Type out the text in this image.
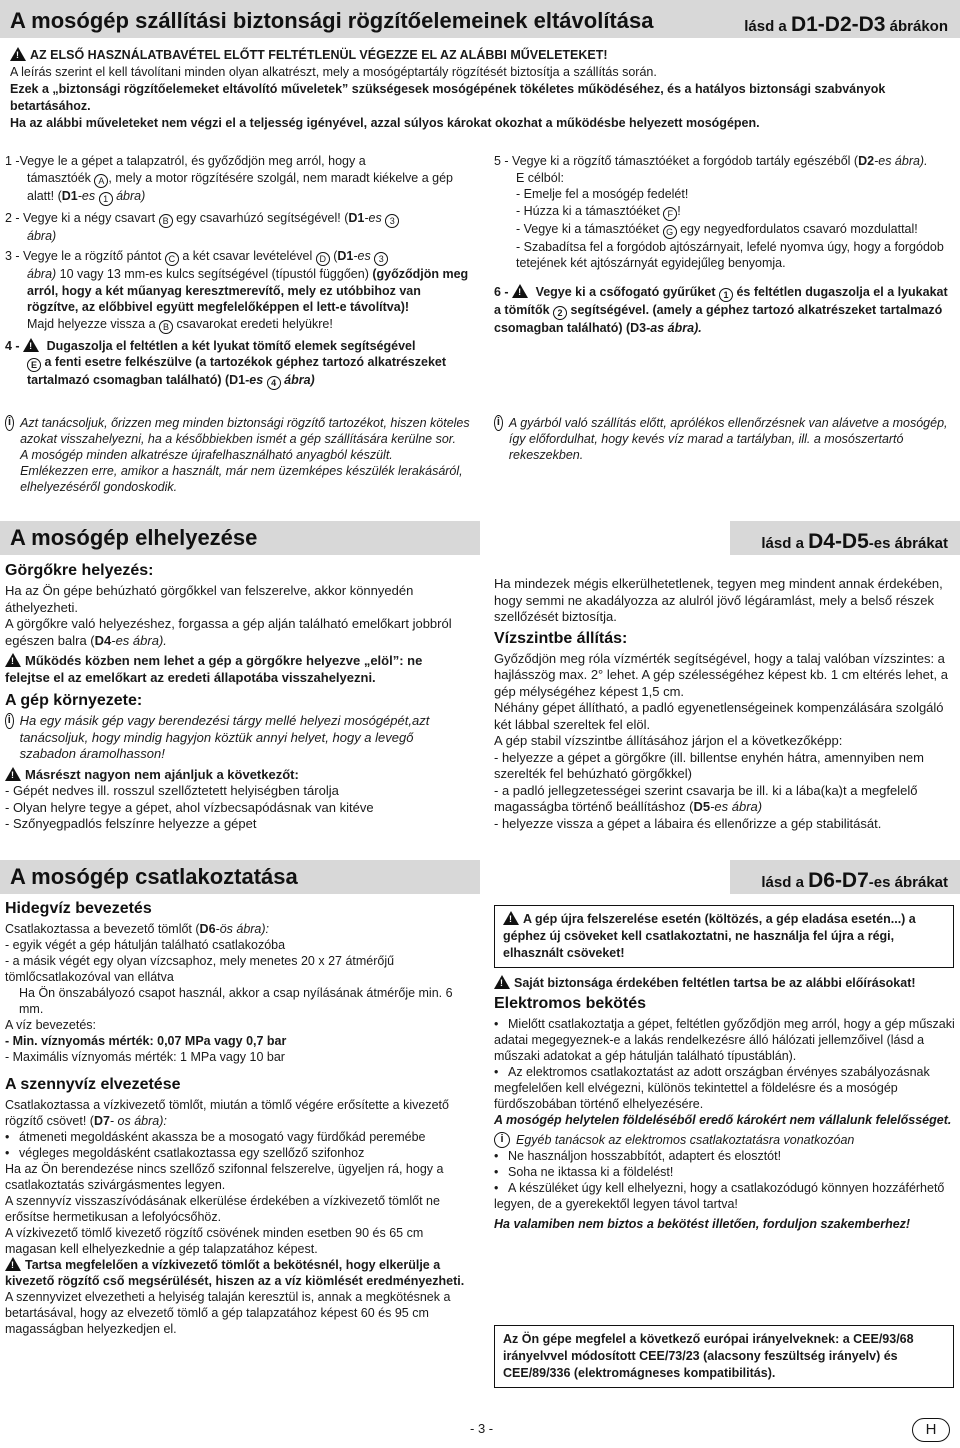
A mosógép szállítási biztonsági rögzítőelemeinek eltávolítása	lásd a D1-D2-D3 ábrákon
!AZ ELSŐ HASZNÁLATBAVÉTEL ELŐTT FELTÉTLENÜL VÉGEZZE EL AZ ALÁBBI MŰVELETEKET!
A leírás szerint el kell távolítani minden olyan alkatrészt, mely a mosógéptartály rögzítését biztosítja a szállítás során.
Ezek a „biztonsági rögzítőelemeket eltávolító műveletek” szükségesek mosógépének tökéletes működéséhez, és a hatályos biztonsági szabványok betartásához.
Ha az alábbi műveleteket nem végzi el a teljesség igényével, azzal súlyos károkat okozhat a működésbe helyezett mosógépen.
1 -Vegye le a gépet a talapzatról, és győződjön meg arról, hogy a
támasztóék A , mely a motor rögzítésére szolgál, nem maradt kiékelve a gép alatt! (D1-es 1 ábra)
2 - Vegye ki a négy csavart B egy csavarhúzó segítségével! (D1-es 3
ábra)
3 - Vegye le a rögzítő pántot C a két csavar levételével D (D1-es 3
ábra) 10 vagy 13 mm-es kulcs segítségével (típustól függően) (győződjön meg arról, hogy a két műanyag keresztmerevítő, mely ez utóbbihoz van rögzítve, az előbbivel együtt megfelelőképpen el lett-e távolítva)!
Majd helyezze vissza a B csavarokat eredeti helyükre!
4 - ! Dugaszolja el feltétlen a két lyukat tömítő elemek segítségével
E a fenti esetre felkészülve (a tartozékok géphez tartozó alkatrészeket tartalmazó csomagban található) (D1-es 4 ábra)
5 - Vegye ki a rögzítő támasztóéket a forgódob tartály egészéből (D2-es ábra).
E célból:
- Emelje fel a mosógép fedelét!
- Húzza ki a támasztóéket F !
- Vegye ki a támasztóéket G egy negyedfordulatos csavaró mozdulattal!
- Szabadítsa fel a forgódob ajtószárnyait, lefelé nyomva úgy, hogy a forgódob tetejének két ajtószárnyát egyidejűleg benyomja.
6 - ! Vegye ki a csőfogató gyűrűket 1 és feltétlen dugaszolja el a lyukakat a tömítők 2 segítségével. (amely a géphez tartozó alkatrészeket tartalmazó csomagban található) (D3-as ábra).
i Azt tanácsoljuk, őrizzen meg minden biztonsági rögzítő tartozékot, hiszen köteles azokat visszahelyezni, ha a későbbiekben ismét a gép szállítására kerülne sor.
A mosógép minden alkatrésze újrafelhasználható anyagból készült.
Emlékezzen erre, amikor a használt, már nem üzemképes készülék lerakásáról, elhelyezéséről gondoskodik.
i A gyárból való szállítás előtt, aprólékos ellenőrzésnek van alávetve a mosógép, így előfordulhat, hogy kevés víz marad a tartályban, ill. a mosószertartó rekeszekben.
A mosógép elhelyezése	lásd a D4-D5-es ábrákat
Görgőkre helyezés:
Ha az Ön gépe behúzható görgőkkel van felszerelve, akkor könnyedén áthelyezheti.
A görgőkre való helyezéshez, forgassa a gép alján található emelőkart jobbról egészen balra (D4-es ábra).
!Működés közben nem lehet a gép a görgőkre helyezve „elöl”: ne felejtse el az emelőkart az eredeti állapotába visszahelyezni.
A gép környezete:
i Ha egy másik gép vagy berendezési tárgy mellé helyezi mosógépét,azt tanácsoljuk, hogy mindig hagyjon köztük annyi helyet, hogy a levegő szabadon áramolhasson!
!Másrészt nagyon nem ajánljuk a következőt:
- Gépét nedves ill. rosszul szellőztetett helyiségben tárolja
- Olyan helyre tegye a gépet, ahol vízbecsapódásnak van kitéve
- Szőnyegpadlós felszínre helyezze a gépet
Ha mindezek mégis elkerülhetetlenek, tegyen meg mindent annak érdekében, hogy semmi ne akadályozza az alulról jövő légáramlást, mely a belső részek szellőzését biztosítja.
Vízszintbe állítás:
Győződjön meg róla vízmérték segítségével, hogy a talaj valóban vízszintes: a hajlásszög max. 2° lehet. A gép szélességéhez képest kb. 1 cm eltérés lehet, a gép mélységéhez képest 1,5 cm.
Néhány gépet állítható, a padló egyenetlenségeinek kompenzálására szolgáló két lábbal szereltek fel elöl.
A gép stabil vízszintbe állításához járjon el a következőképp:
- helyezze a gépet a görgőkre (ill. billentse enyhén hátra, amennyiben nem szerelték fel behúzható görgőkkel)
- a padló jellegzetességei szerint csavarja be ill. ki a lába(ka)t a megfelelő magasságba történő beállításhoz (D5-es ábra)
- helyezze vissza a gépet a lábaira és ellenőrizze a gép stabilitását.
A mosógép csatlakoztatása	lásd a D6-D7-es ábrákat
Hidegvíz bevezetés
Csatlakoztassa a bevezető tömlőt (D6-ös ábra):
- egyik végét a gép hátulján található csatlakozóba
- a másik végét egy olyan vízcsaphoz, mely menetes 20 x 27 átmérőjű tömlőcsatlakozóval van ellátva
Ha Ön önszabályozó csapot használ, akkor a csap nyílásának átmérője min. 6 mm.
A víz bevezetés:
- Min. víznyomás mérték: 0,07 MPa vagy 0,7 bar
- Maximális víznyomás mérték: 1 MPa vagy 10 bar
A szennyvíz elvezetése
Csatlakoztassa a vízkivezető tömlőt, miután a tömlő végére erősítette a kivezető rögzítő csövet! (D7- os ábra):
• átmeneti megoldásként akassza be a mosogató vagy fürdőkád peremébe
• végleges megoldásként csatlakoztassa egy szellőző szifonhoz
Ha az Ön berendezése nincs szellőző szifonnal felszerelve, ügyeljen rá, hogy a csatlakoztatás szivárgásmentes legyen.
A szennyvíz visszaszívódásának elkerülése érdekében a vízkivezető tömlőt ne erősítse hermetikusan a lefolyócsőhöz.
A vízkivezető tömlő kivezető rögzítő csövének minden esetben 90 és 65 cm magasan kell elhelyezkednie a gép talapzatához képest.
!Tartsa megfelelően a vízkivezető tömlőt a bekötésnél, hogy elkerülje a kivezető rögzítő cső megsérülését, hiszen az a víz kiömlését eredményezheti.
A szennyvizet elvezetheti a helyiség talaján keresztül is, annak a megkötésnek a betartásával, hogy az elvezető tömlő a gép talapzatához képest 60 és 95 cm magasságban helyezkedjen el.
!A gép újra felszerelése esetén (költözés, a gép eladása esetén...) a géphez új csöveket kell csatlakoztatni, ne használja fel újra a régi, elhasznált csöveket!
!Saját biztonsága érdekében feltétlen tartsa be az alábbi előírásokat!
Elektromos bekötés
• Mielőtt csatlakoztatja a gépet, feltétlen győződjön meg arról, hogy a gép műszaki adatai megegyeznek-e a lakás rendelkezésre álló hálózati jellemzőivel (lásd a műszaki adatokat a gép hátulján található típustáblán).
• Az elektromos csatlakoztatást az adott országban érvényes szabályozásnak megfelelően kell elvégezni, különös tekintettel a földelésre és a mosógép fürdőszobában történő elhelyezésére.
A mosógép helytelen földeléséből eredő károkért nem vállalunk felelősséget.
i Egyéb tanácsok az elektromos csatlakoztatásra vonatkozóan
• Ne használjon hosszabbítót, adaptert és elosztót!
• Soha ne iktassa ki a földelést!
• A készüléket úgy kell elhelyezni, hogy a csatlakozódugó könnyen hozzáférhető legyen, de a gyerekektől legyen távol tartva!
Ha valamiben nem biztos a bekötést illetően, forduljon szakemberhez!
Az Ön gépe megfelel a következő európai irányelveknek: a CEE/93/68 irányelvvel módosított CEE/73/23 (alacsony feszültség irányelv) és CEE/89/336 (elektromágneses kompatibilitás).
- 3 -	H
